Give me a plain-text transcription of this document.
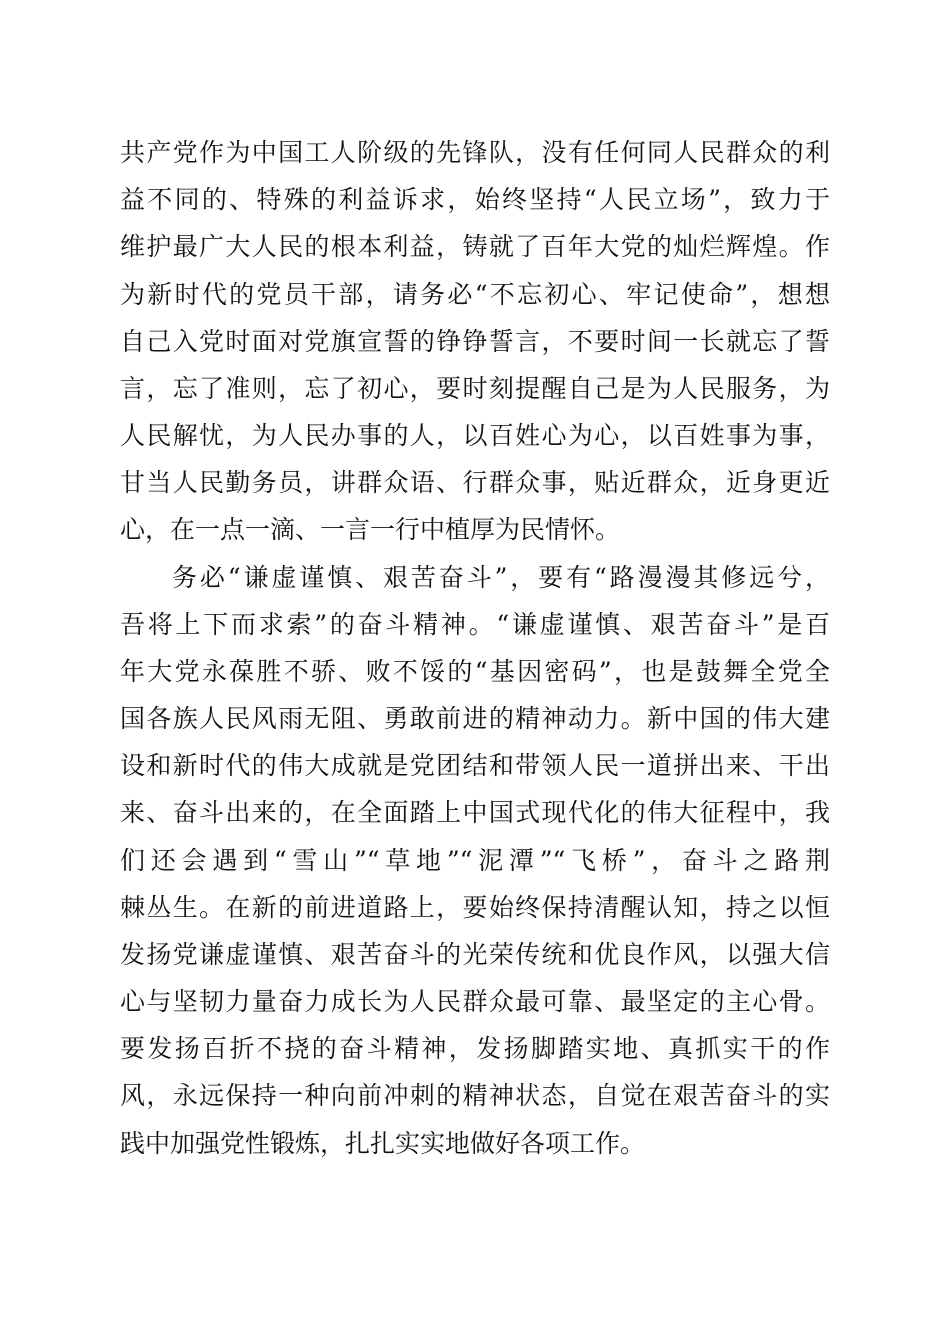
共产党作为中国工人阶级的先锋队，没有任何同人民群众的利
益不同的、特殊的利益诉求，始终坚持“人民立场”，致力于
维护最广大人民的根本利益，铸就了百年大党的灿烂辉煌。作
为新时代的党员干部，请务必“不忘初心、牢记使命”，想想
自己入党时面对党旗宣誓的铮铮誓言，不要时间一长就忘了誓
言，忘了准则，忘了初心，要时刻提醒自己是为人民服务，为
人民解忧，为人民办事的人，以百姓心为心，以百姓事为事，
甘当人民勤务员，讲群众语、行群众事，贴近群众，近身更近
心，在一点一滴、一言一行中植厚为民情怀。
务必“谦虚谨慎、艰苦奋斗”，要有“路漫漫其修远兮，
吾将上下而求索”的奋斗精神。“谦虚谨慎、艰苦奋斗”是百
年大党永葆胜不骄、败不馁的“基因密码”，也是鼓舞全党全
国各族人民风雨无阻、勇敢前进的精神动力。新中国的伟大建
设和新时代的伟大成就是党团结和带领人民一道拼出来、干出
来、奋斗出来的，在全面踏上中国式现代化的伟大征程中，我
们还会遇到“雪山”“草地”“泥潭”“飞桥”，奋斗之路荆
棘丛生。在新的前进道路上，要始终保持清醒认知，持之以恒
发扬党谦虚谨慎、艰苦奋斗的光荣传统和优良作风，以强大信
心与坚韧力量奋力成长为人民群众最可靠、最坚定的主心骨。
要发扬百折不挠的奋斗精神，发扬脚踏实地、真抓实干的作
风，永远保持一种向前冲刺的精神状态，自觉在艰苦奋斗的实
践中加强党性锻炼，扎扎实实地做好各项工作。
